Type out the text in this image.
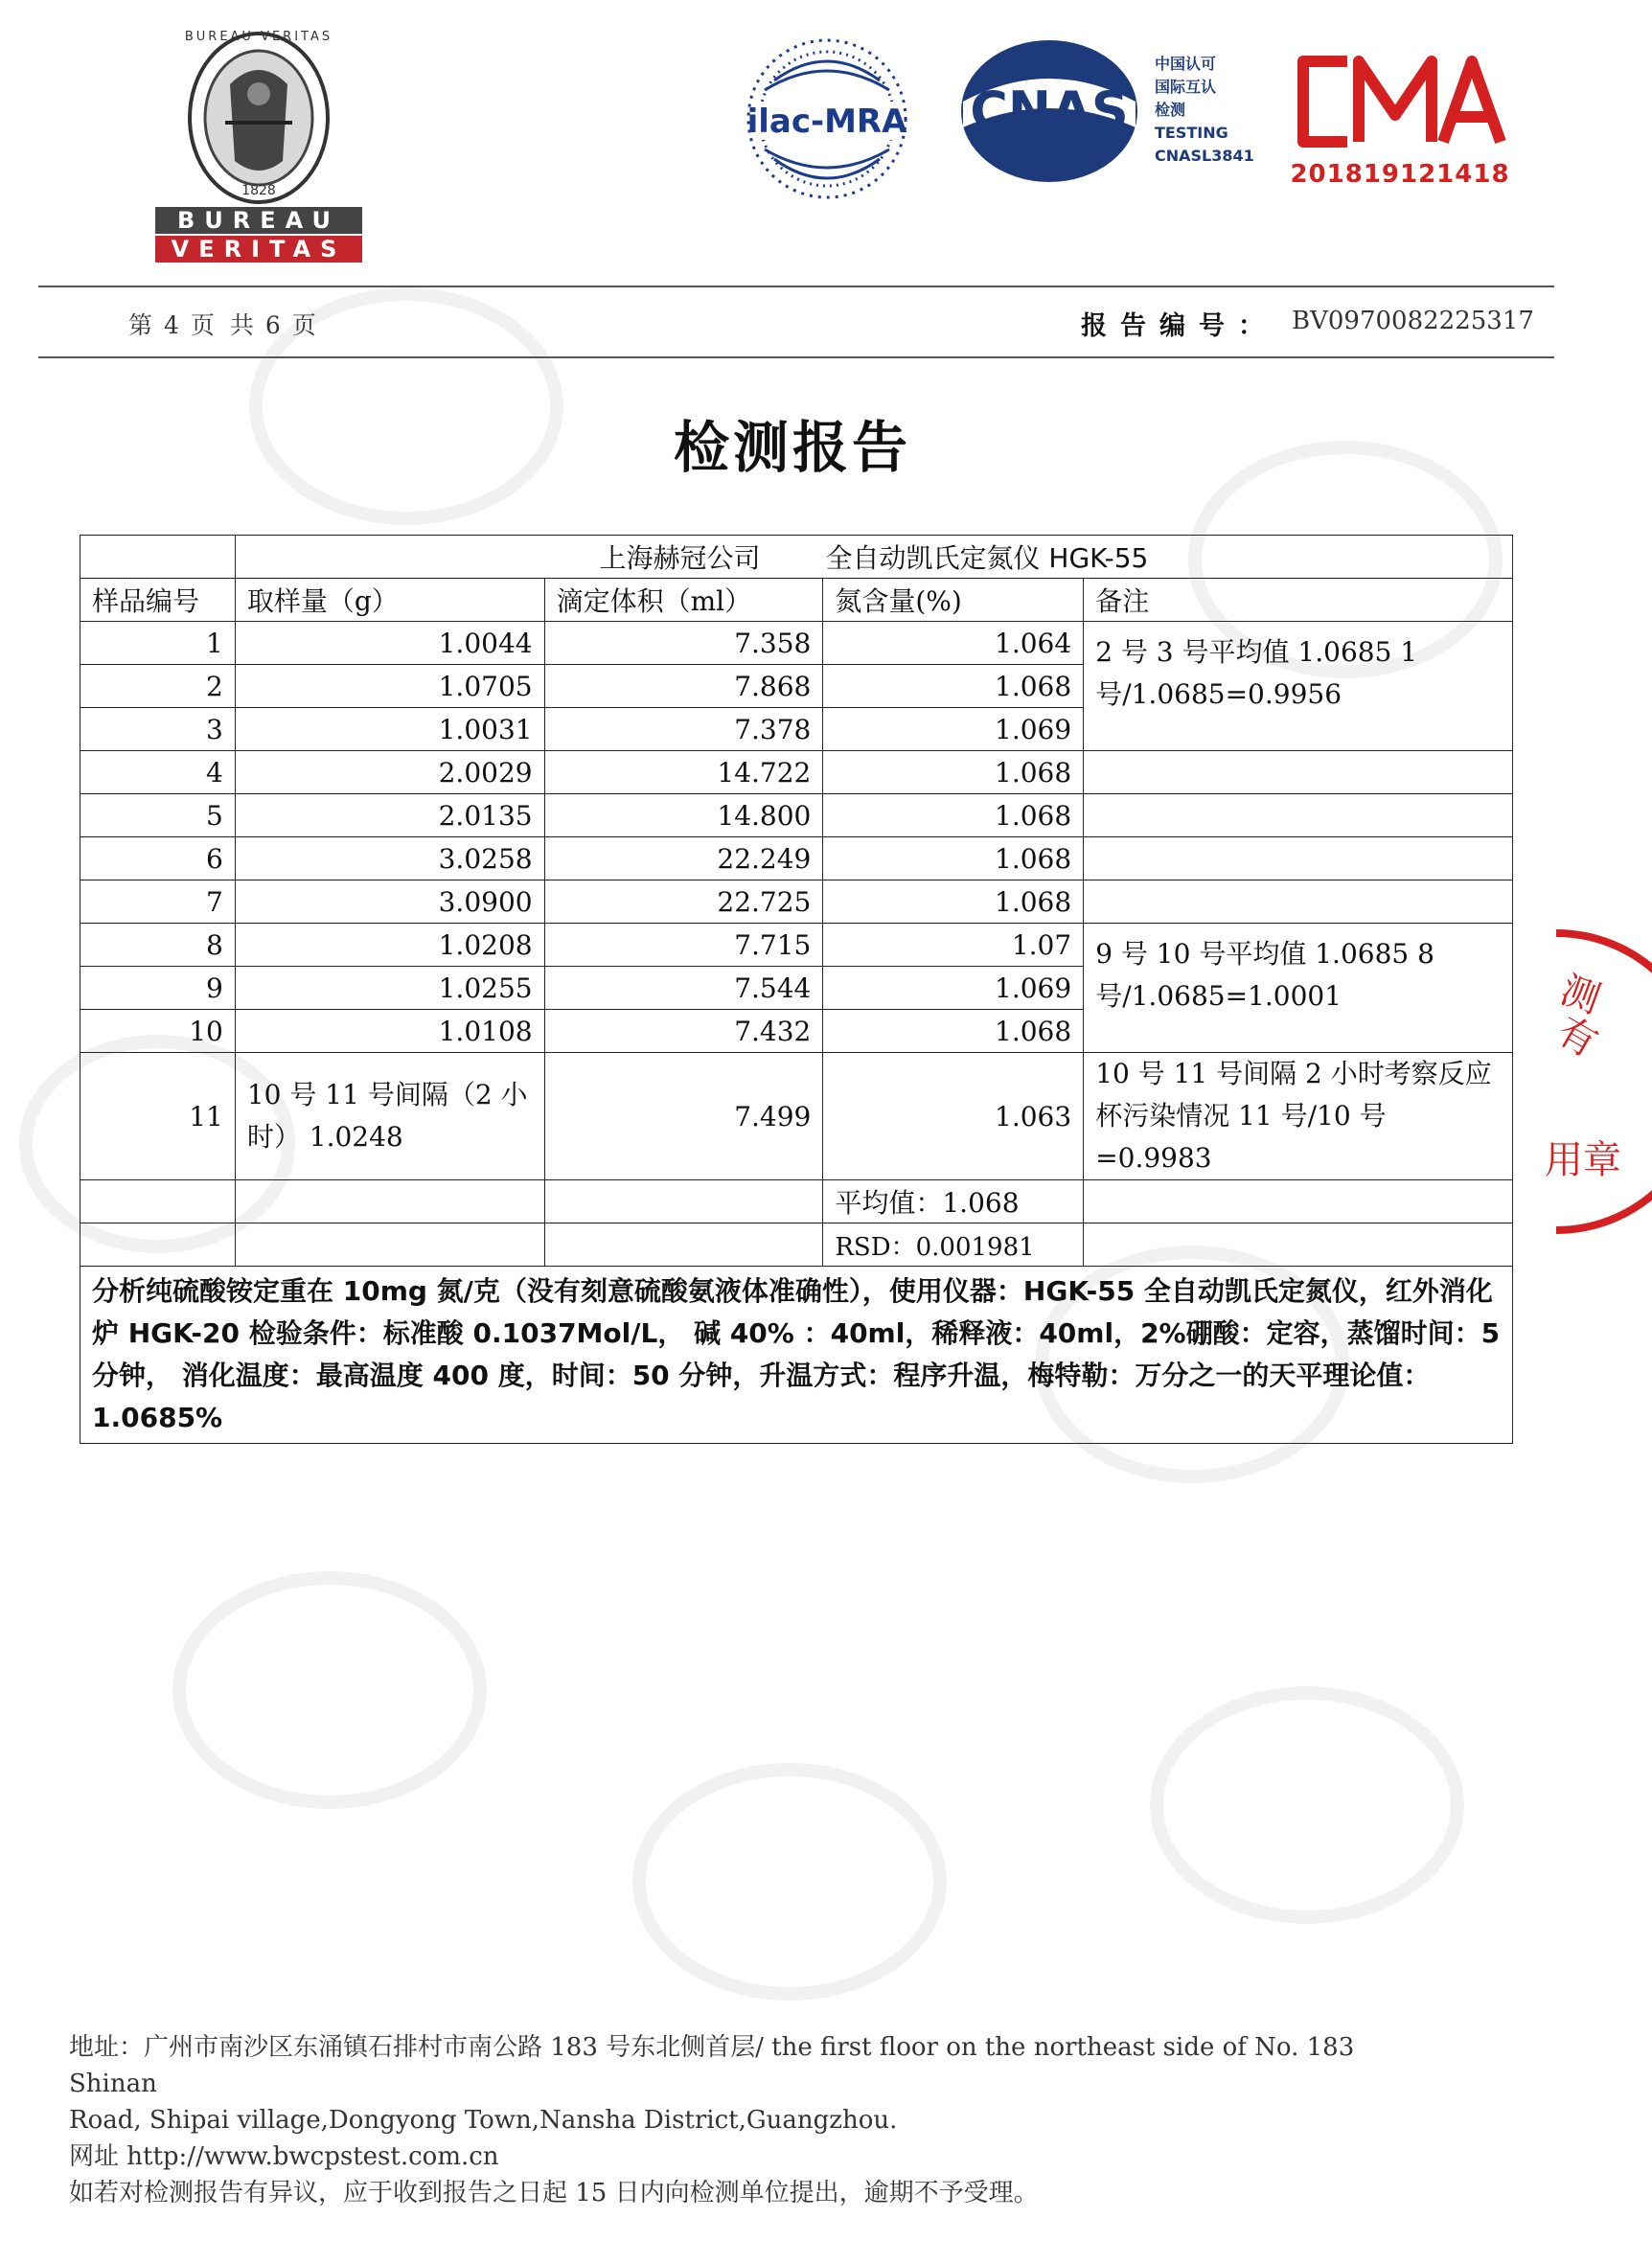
BUREAU VERITAS
1828
BUREAU
VERITAS
ilac-MRA CNAS
中国认可
国际互认
检测
TESTING
CNASL3841
201819121418
第 4 页 共 6 页	报告编号： BV0970082225317
检测报告
	上海赫冠公司 全自动凯氏定氮仪 HGK-55			
样品编号	取样量（g）	滴定体积（ml）	氮含量(%)	备注
1	1.0044	7.358	1.064	2 号 3 号平均值 1.0685 1 号/1.0685=0.9956
2	1.0705	7.868	1.068	
3	1.0031	7.378	1.069	
4	2.0029	14.722	1.068	
5	2.0135	14.800	1.068	
6	3.0258	22.249	1.068	
7	3.0900	22.725	1.068	
8	1.0208	7.715	1.07	9 号 10 号平均值 1.0685 8 号/1.0685=1.0001
9	1.0255	7.544	1.069	
10	1.0108	7.432	1.068	
11	10 号 11 号间隔（2 小时） 1.0248	7.499	1.063	10 号 11 号间隔 2 小时考察反应杯污染情况 11 号/10 号=0.9983
			平均值：1.068	
			RSD：0.001981	
分析纯硫酸铵定重在 10mg 氮/克（没有刻意硫酸氨液体准确性），使用仪器：HGK-55 全自动凯氏定氮仪，红外消化炉 HGK-20 检验条件：标准酸 0.1037Mol/L， 碱 40% ：40ml，稀释液：40ml，2%硼酸：定容，蒸馏时间：5 分钟， 消化温度：最高温度 400 度，时间：50 分钟，升温方式：程序升温，梅特勒：万分之一的天平理论值：1.0685%				
测
有
用章
地址：广州市南沙区东涌镇石排村市南公路 183 号东北侧首层/ the first floor on the northeast side of No. 183
Shinan
Road, Shipai village,Dongyong Town,Nansha District,Guangzhou.
网址 http://www.bwcpstest.com.cn
如若对检测报告有异议，应于收到报告之日起 15 日内向检测单位提出，逾期不予受理。
